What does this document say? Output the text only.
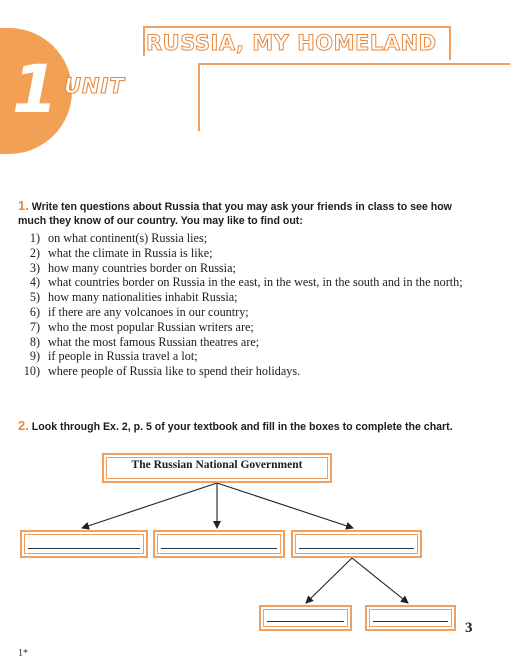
1 UNIT
RUSSIA, MY HOMELAND
1. Write ten questions about Russia that you may ask your friends in class to see how much they know of our country. You may like to find out:
1) on what continent(s) Russia lies;
2) what the climate in Russia is like;
3) how many countries border on Russia;
4) what countries border on Russia in the east, in the west, in the south and in the north;
5) how many nationalities inhabit Russia;
6) if there are any volcanoes in our country;
7) who the most popular Russian writers are;
8) what the most famous Russian theatres are;
9) if people in Russia travel a lot;
10) where people of Russia like to spend their holidays.
2. Look through Ex. 2, p. 5 of your textbook and fill in the boxes to complete the chart.
The Russian National Government
3
1*
